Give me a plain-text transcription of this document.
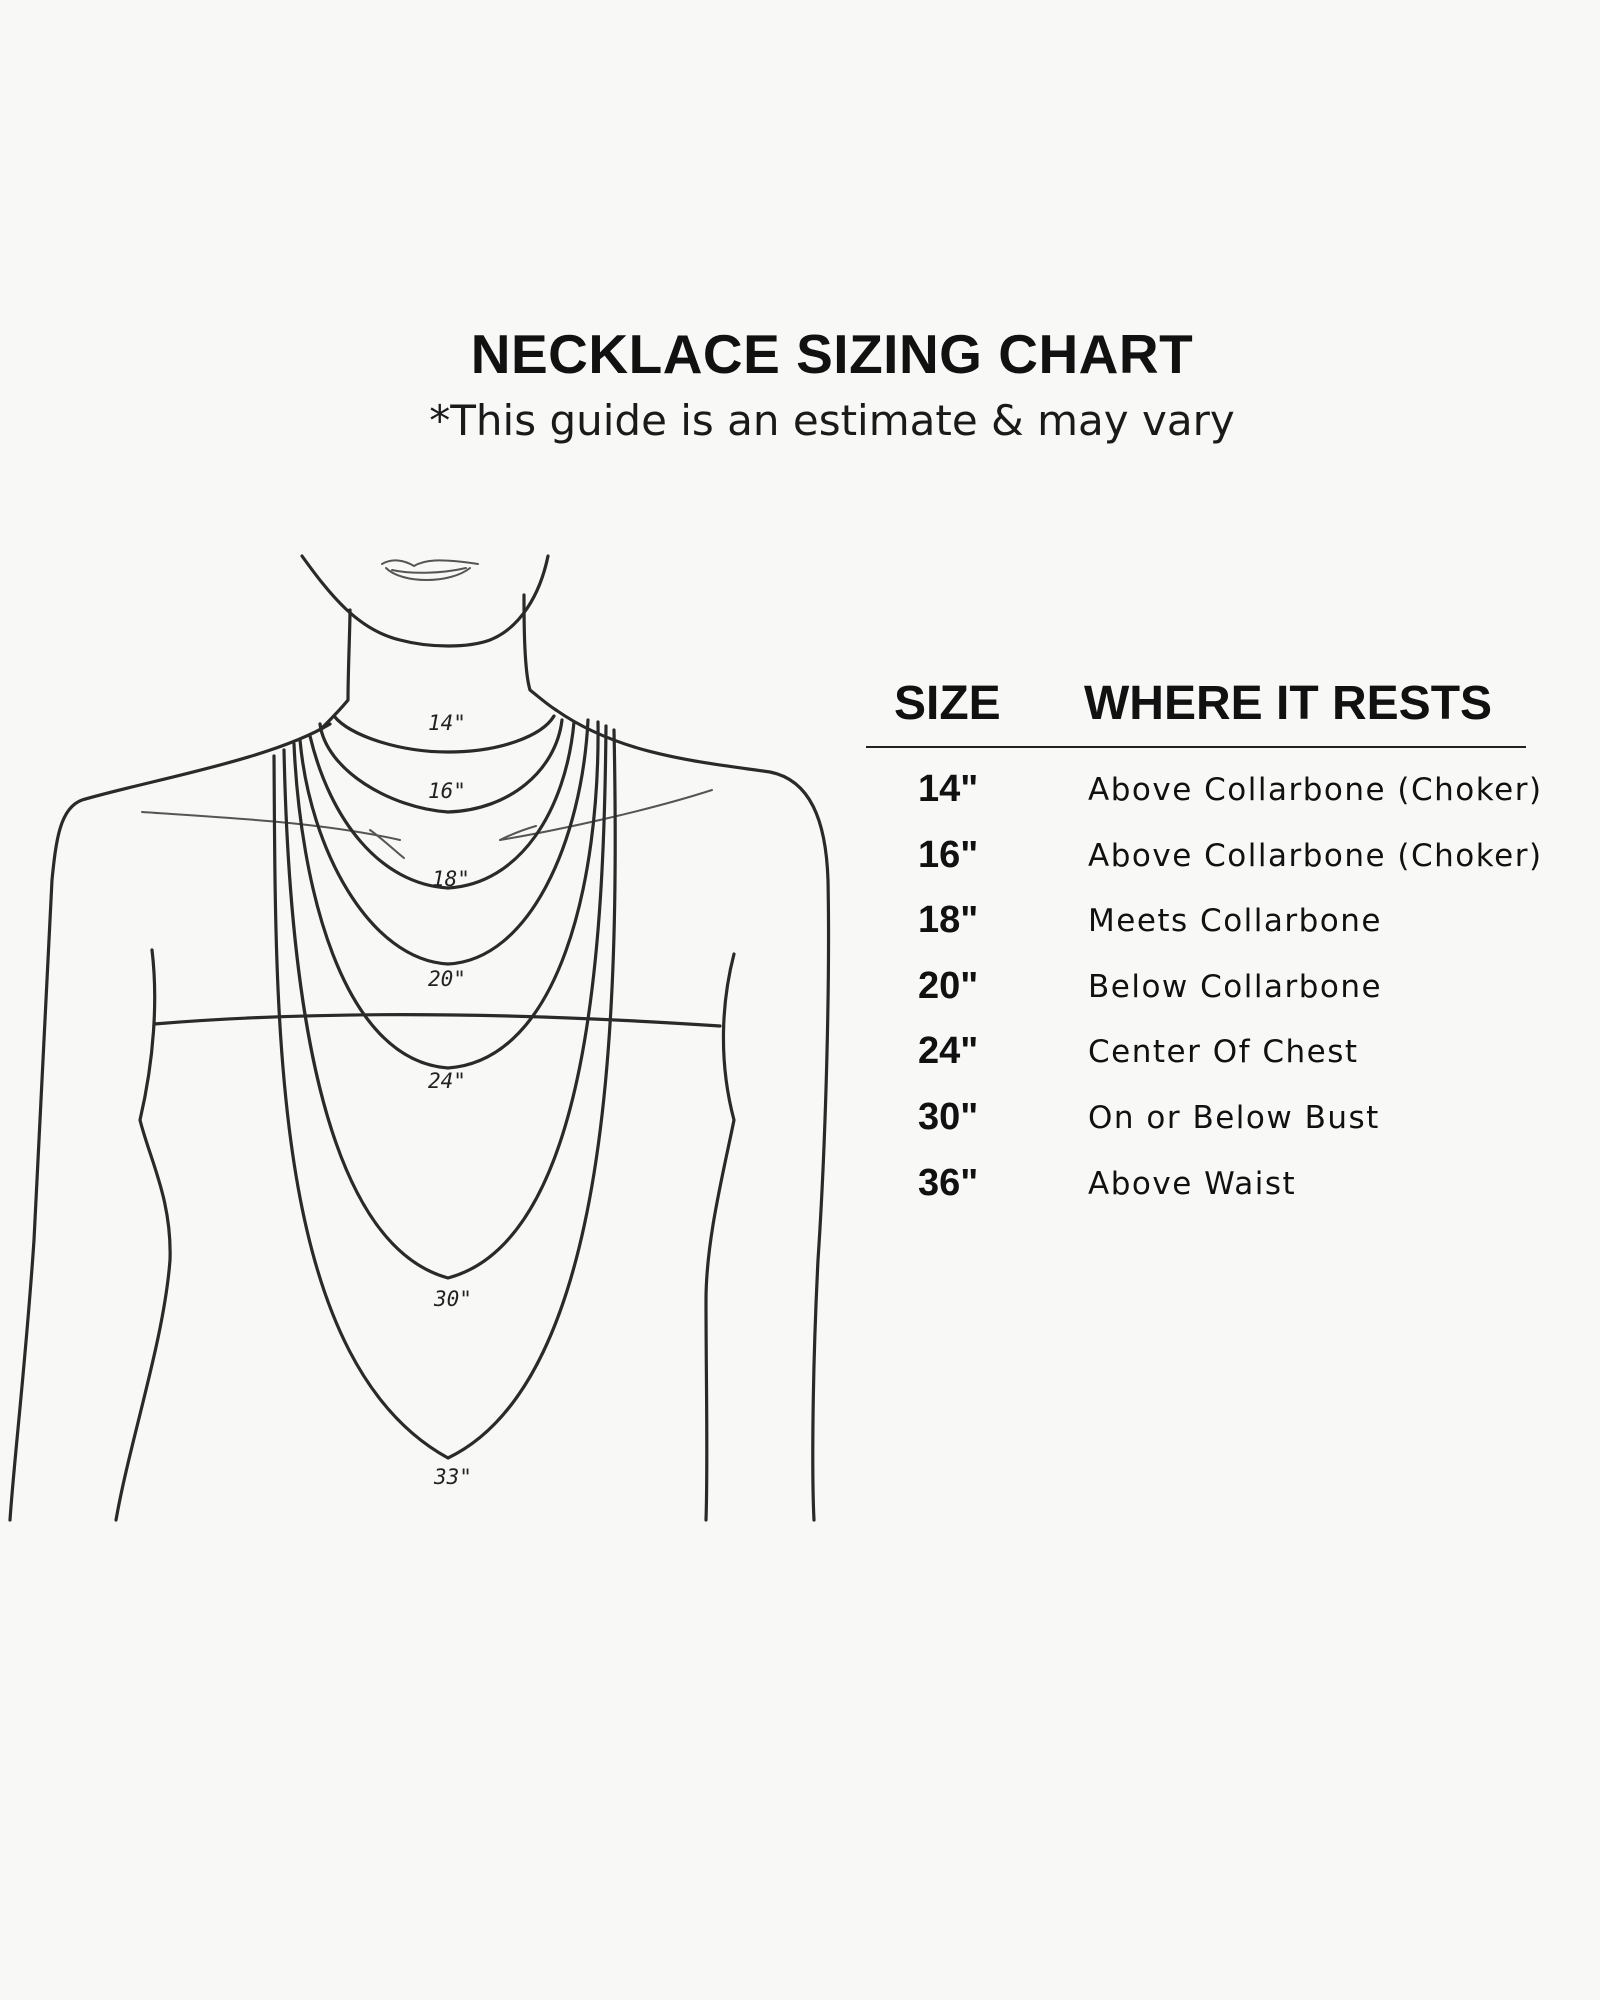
NECKLACE SIZING CHART
*This guide is an estimate & may vary
14"
16"
18"
20"
24"
30"
33"
SIZE WHERE IT RESTS
14"	Above Collarbone (Choker)
16"	Above Collarbone (Choker)
18"	Meets Collarbone
20"	Below Collarbone
24"	Center Of Chest
30"	On or Below Bust
36"	Above Waist
